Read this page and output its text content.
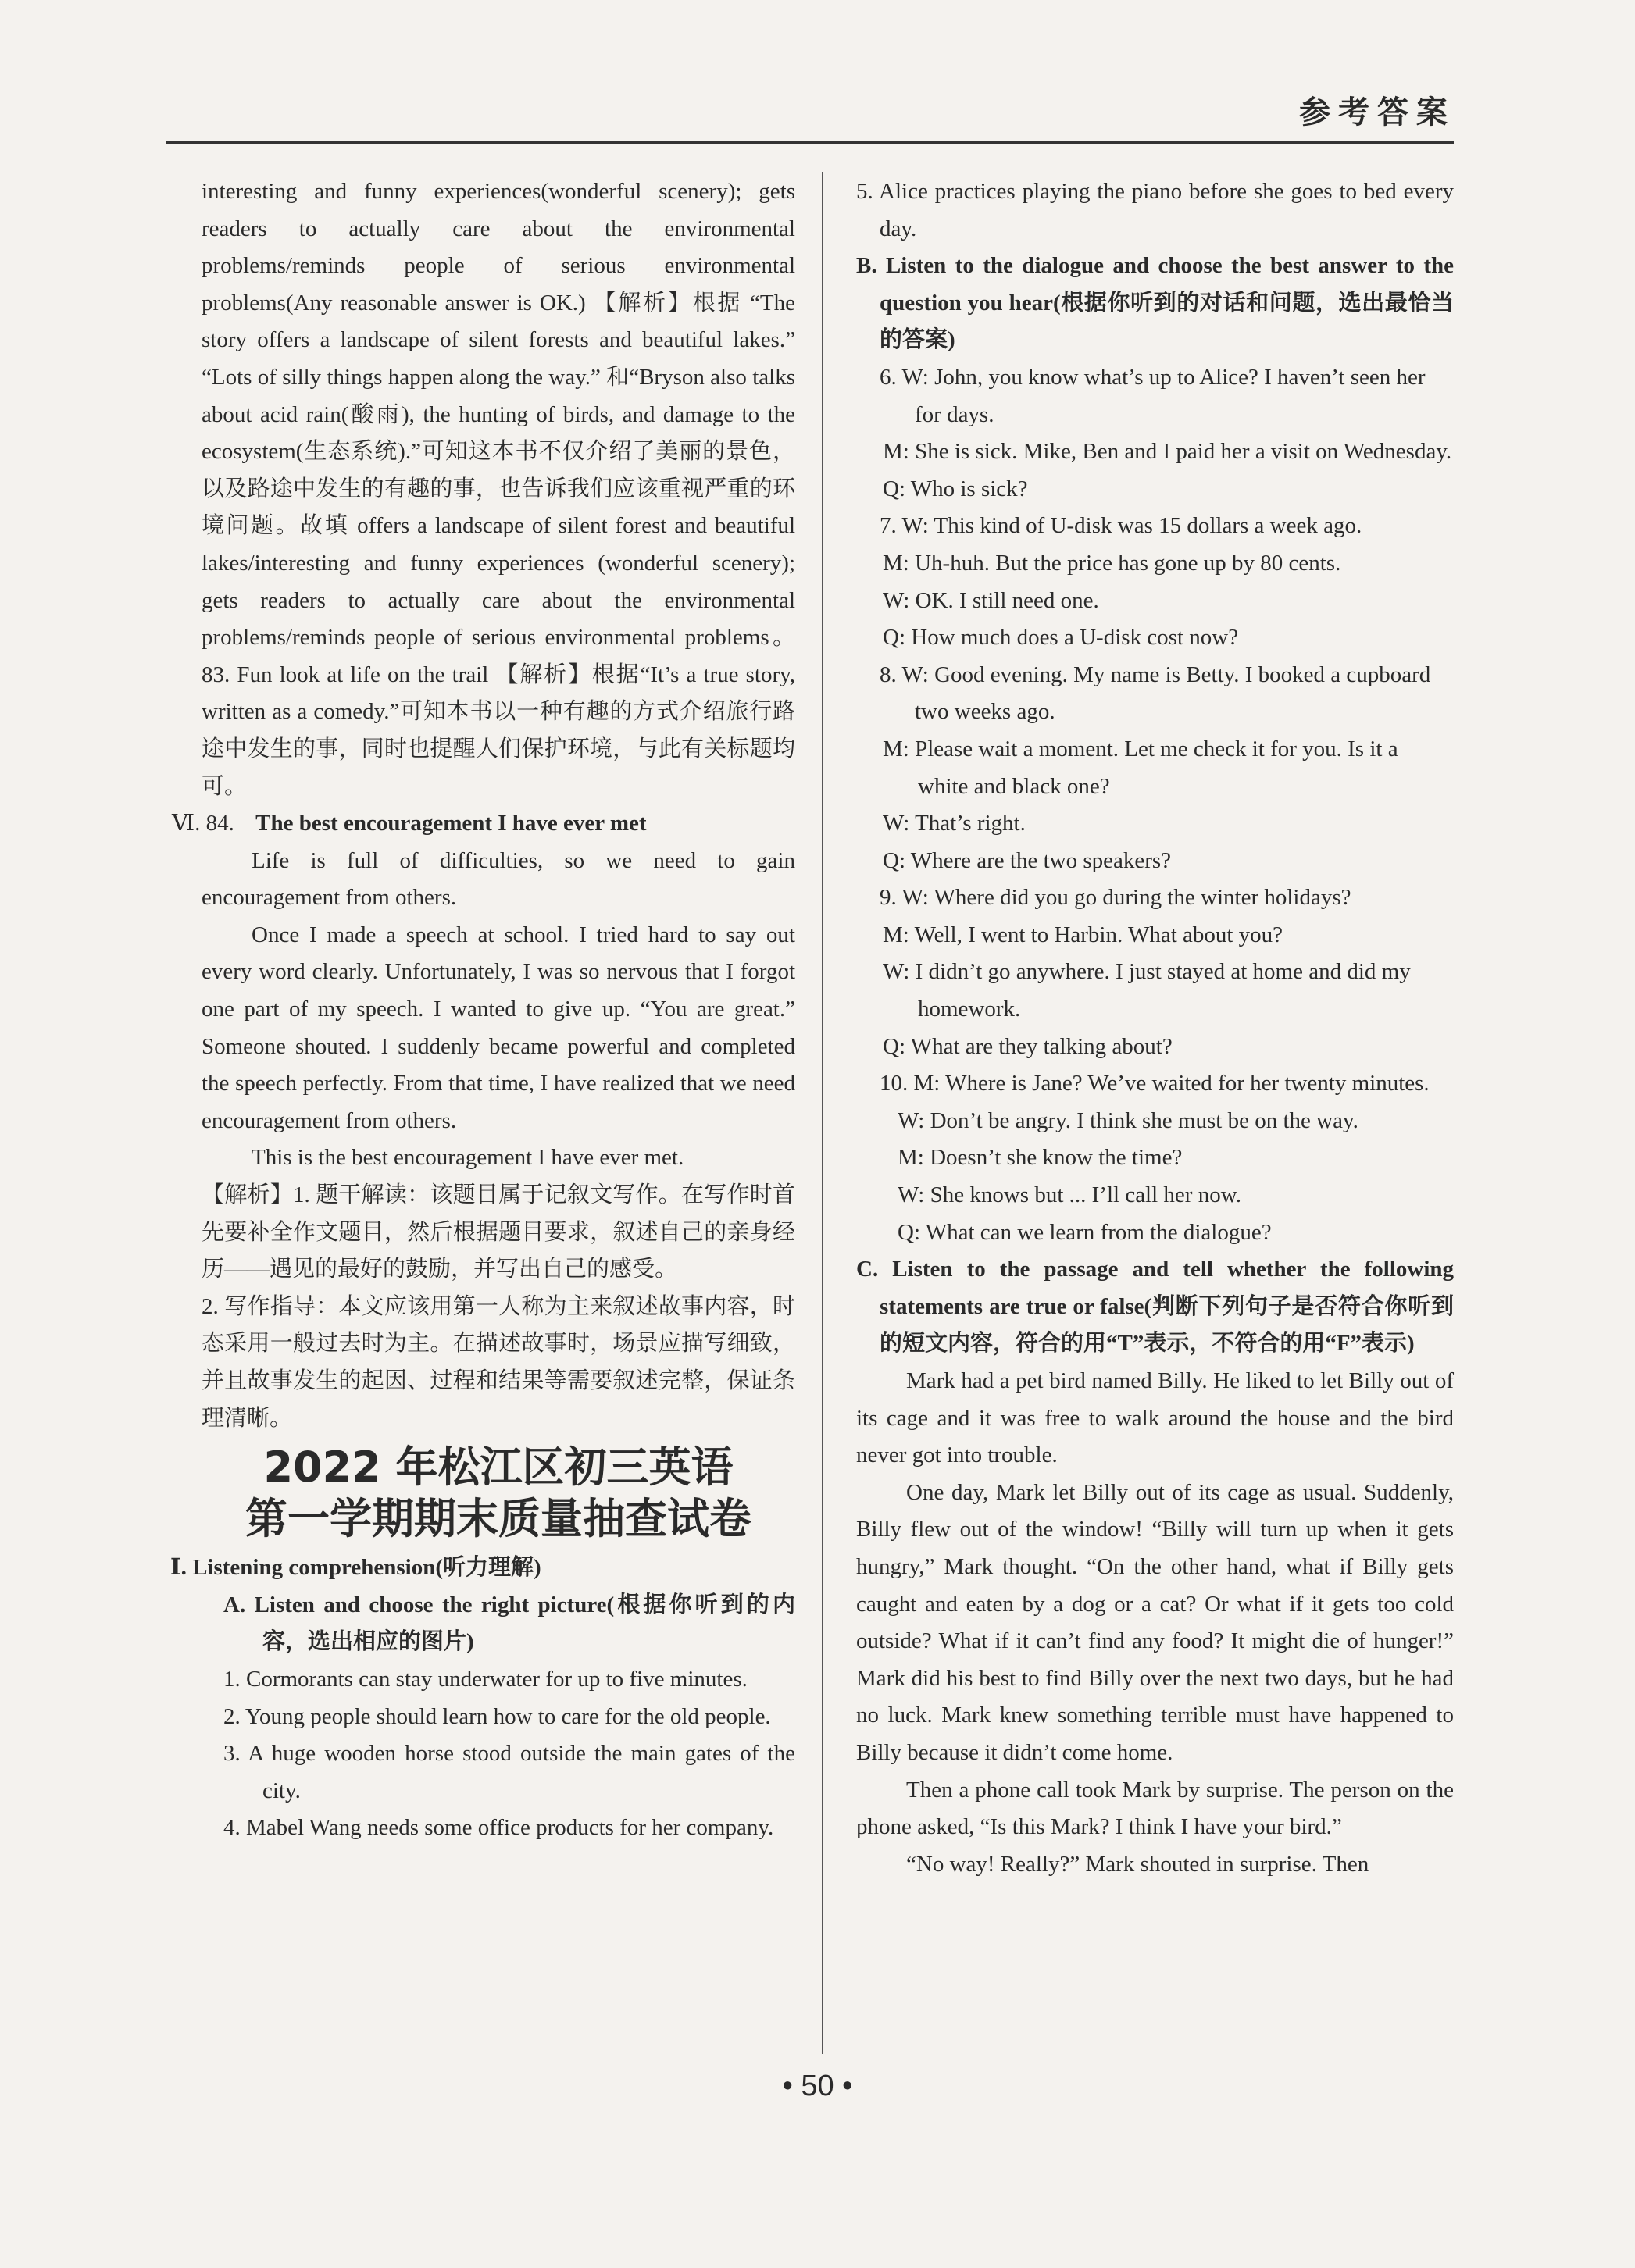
参考答案

interesting and funny experiences(wonderful scenery); gets readers to actually care about the environmental problems/reminds people of serious environmental problems(Any reasonable answer is OK.) 【解析】根据 “The story offers a landscape of silent forests and beautiful lakes.” “Lots of silly things happen along the way.” 和“Bryson also talks about acid rain(酸雨), the hunting of birds, and damage to the ecosystem(生态系统).”可知这本书不仅介绍了美丽的景色，以及路途中发生的有趣的事，也告诉我们应该重视严重的环境问题。故填 offers a landscape of silent forest and beautiful lakes/interesting and funny experiences (wonderful scenery); gets readers to actually care about the environmental problems/reminds people of serious environmental problems。 83. Fun look at life on the trail 【解析】根据“It’s a true story, written as a comedy.”可知本书以一种有趣的方式介绍旅行路途中发生的事，同时也提醒人们保护环境，与此有关标题均可。

Ⅵ. 84. The best encouragement I have ever met

Life is full of difficulties, so we need to gain encouragement from others.

Once I made a speech at school. I tried hard to say out every word clearly. Unfortunately, I was so nervous that I forgot one part of my speech. I wanted to give up. “You are great.” Someone shouted. I suddenly became powerful and completed the speech perfectly. From that time, I have realized that we need encouragement from others.

This is the best encouragement I have ever met.

【解析】1. 题干解读：该题目属于记叙文写作。在写作时首先要补全作文题目，然后根据题目要求，叙述自己的亲身经历——遇见的最好的鼓励，并写出自己的感受。

2. 写作指导：本文应该用第一人称为主来叙述故事内容，时态采用一般过去时为主。在描述故事时，场景应描写细致，并且故事发生的起因、过程和结果等需要叙述完整，保证条理清晰。

2022 年松江区初三英语
第一学期期末质量抽查试卷

Ⅰ. Listening comprehension(听力理解)

A. Listen and choose the right picture(根据你听到的内容，选出相应的图片)

1. Cormorants can stay underwater for up to five minutes.

2. Young people should learn how to care for the old people.

3. A huge wooden horse stood outside the main gates of the city.

4. Mabel Wang needs some office products for her company.

5. Alice practices playing the piano before she goes to bed every day.

B. Listen to the dialogue and choose the best answer to the question you hear(根据你听到的对话和问题，选出最恰当的答案)

6. W: John, you know what’s up to Alice? I haven’t seen her for days.

M: She is sick. Mike, Ben and I paid her a visit on Wednesday.

Q: Who is sick?

7. W: This kind of U-disk was 15 dollars a week ago.

M: Uh-huh. But the price has gone up by 80 cents.

W: OK. I still need one.

Q: How much does a U-disk cost now?

8. W: Good evening. My name is Betty. I booked a cupboard two weeks ago.

M: Please wait a moment. Let me check it for you. Is it a white and black one?

W: That’s right.

Q: Where are the two speakers?

9. W: Where did you go during the winter holidays?

M: Well, I went to Harbin. What about you?

W: I didn’t go anywhere. I just stayed at home and did my homework.

Q: What are they talking about?

10. M: Where is Jane? We’ve waited for her twenty minutes.

W: Don’t be angry. I think she must be on the way.

M: Doesn’t she know the time?

W: She knows but ... I’ll call her now.

Q: What can we learn from the dialogue?

C. Listen to the passage and tell whether the following statements are true or false(判断下列句子是否符合你听到的短文内容，符合的用“T”表示，不符合的用“F”表示)

Mark had a pet bird named Billy. He liked to let Billy out of its cage and it was free to walk around the house and the bird never got into trouble.

One day, Mark let Billy out of its cage as usual. Suddenly, Billy flew out of the window! “Billy will turn up when it gets hungry,” Mark thought. “On the other hand, what if Billy gets caught and eaten by a dog or a cat? Or what if it gets too cold outside? What if it can’t find any food? It might die of hunger!” Mark did his best to find Billy over the next two days, but he had no luck. Mark knew something terrible must have happened to Billy because it didn’t come home.

Then a phone call took Mark by surprise. The person on the phone asked, “Is this Mark? I think I have your bird.”

“No way! Really?” Mark shouted in surprise. Then

• 50 •
